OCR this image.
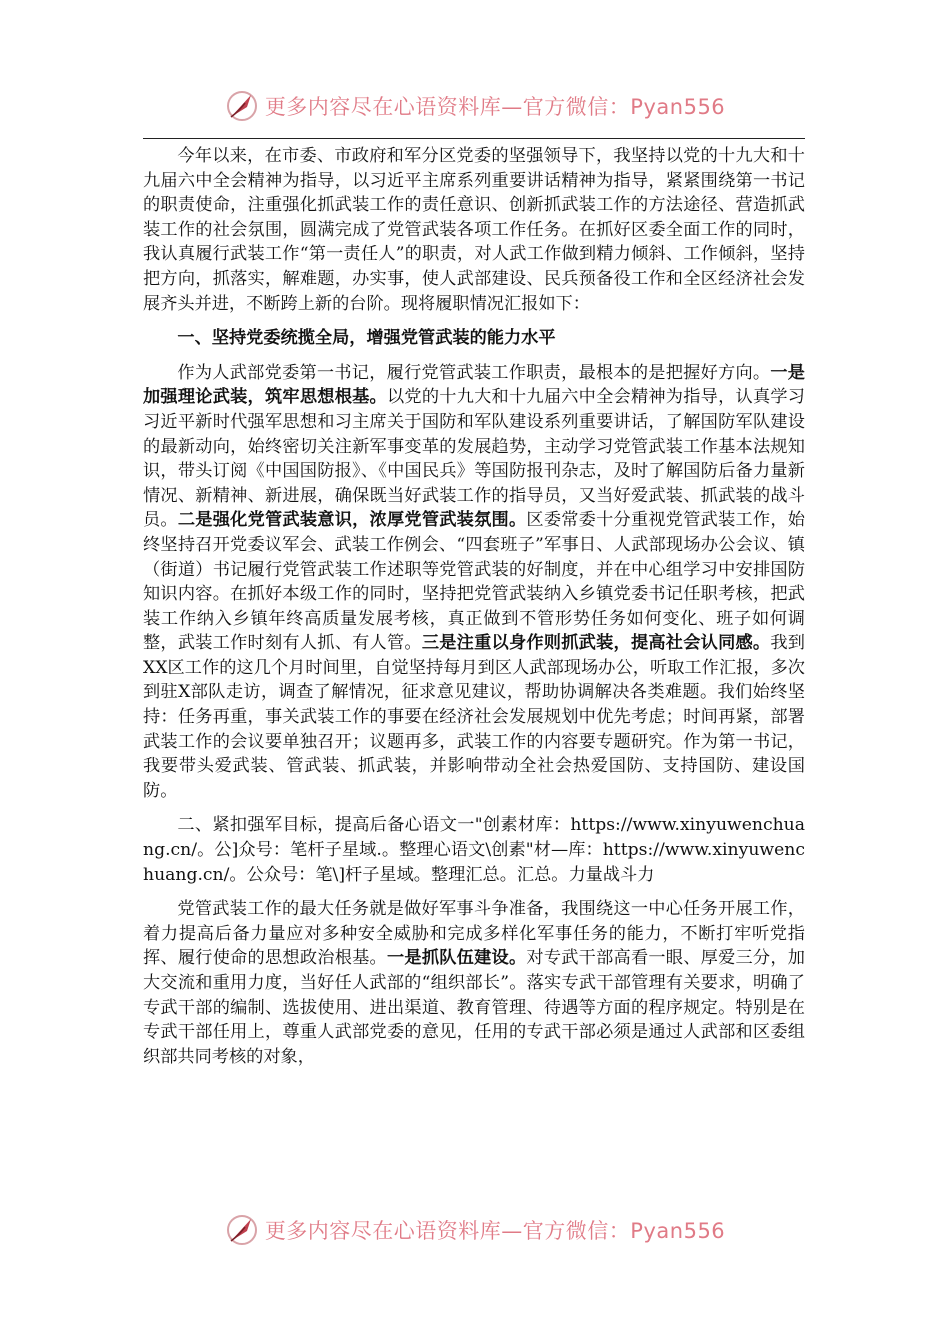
更多内容尽在心语资料库—官方微信：Pyan556

今年以来，在市委、市政府和军分区党委的坚强领导下，我坚持以党的十九大和十九届六中全会精神为指导，以习近平主席系列重要讲话精神为指导，紧紧围绕第一书记的职责使命，注重强化抓武装工作的责任意识、创新抓武装工作的方法途径、营造抓武装工作的社会氛围，圆满完成了党管武装各项工作任务。在抓好区委全面工作的同时，我认真履行武装工作“第一责任人”的职责，对人武工作做到精力倾斜、工作倾斜，坚持把方向，抓落实，解难题，办实事，使人武部建设、民兵预备役工作和全区经济社会发展齐头并进，不断跨上新的台阶。现将履职情况汇报如下：

一、坚持党委统揽全局，增强党管武装的能力水平

作为人武部党委第一书记，履行党管武装工作职责，最根本的是把握好方向。一是加强理论武装，筑牢思想根基。以党的十九大和十九届六中全会精神为指导，认真学习习近平新时代强军思想和习主席关于国防和军队建设系列重要讲话，了解国防军队建设的最新动向，始终密切关注新军事变革的发展趋势，主动学习党管武装工作基本法规知识，带头订阅《中国国防报》、《中国民兵》等国防报刊杂志，及时了解国防后备力量新情况、新精神、新进展，确保既当好武装工作的指导员，又当好爱武装、抓武装的战斗员。二是强化党管武装意识，浓厚党管武装氛围。区委常委十分重视党管武装工作，始终坚持召开党委议军会、武装工作例会、“四套班子”军事日、人武部现场办公会议、镇（街道）书记履行党管武装工作述职等党管武装的好制度，并在中心组学习中安排国防知识内容。在抓好本级工作的同时，坚持把党管武装纳入乡镇党委书记任职考核，把武装工作纳入乡镇年终高质量发展考核，真正做到不管形势任务如何变化、班子如何调整，武装工作时刻有人抓、有人管。三是注重以身作则抓武装，提高社会认同感。我到XX区工作的这几个月时间里，自觉坚持每月到区人武部现场办公，听取工作汇报，多次到驻X部队走访，调查了解情况，征求意见建议，帮助协调解决各类难题。我们始终坚持：任务再重，事关武装工作的事要在经济社会发展规划中优先考虑；时间再紧，部署武装工作的会议要单独召开；议题再多，武装工作的内容要专题研究。作为第一书记，我要带头爱武装、管武装、抓武装，并影响带动全社会热爱国防、支持国防、建设国防。

二、紧扣强军目标，提高后备心语文一"创素材库：https://www.xinyuwenchuang.cn/。公]众号：笔杆子星域.。整理心语文\创素"材—库：https://www.xinyuwenchuang.cn/。公众号：笔\]杆子星域。整理汇总。汇总。力量战斗力

党管武装工作的最大任务就是做好军事斗争准备，我围绕这一中心任务开展工作，着力提高后备力量应对多种安全威胁和完成多样化军事任务的能力，不断打牢听党指挥、履行使命的思想政治根基。一是抓队伍建设。对专武干部高看一眼、厚爱三分，加大交流和重用力度，当好任人武部的“组织部长”。落实专武干部管理有关要求，明确了专武干部的编制、选拔使用、进出渠道、教育管理、待遇等方面的程序规定。特别是在专武干部任用上，尊重人武部党委的意见，任用的专武干部必须是通过人武部和区委组织部共同考核的对象，

更多内容尽在心语资料库—官方微信：Pyan556
